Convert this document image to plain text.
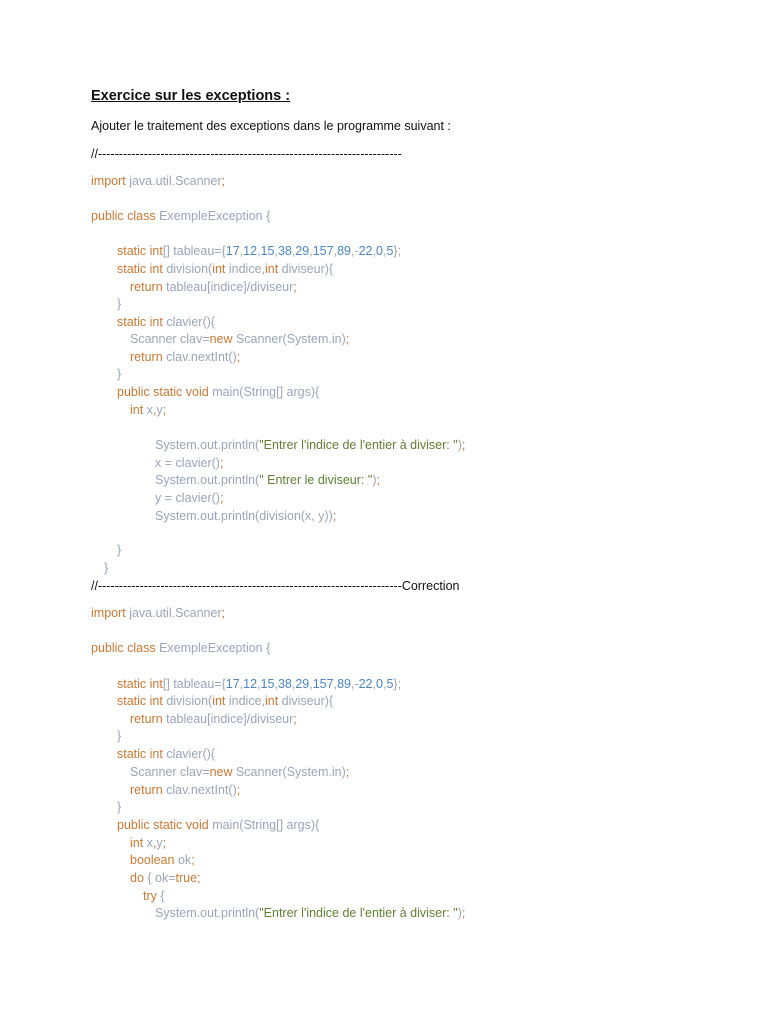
Exercice sur les exceptions :
Ajouter le traitement des exceptions dans le programme suivant :
//-------------------------------------------------------------------------
import java.util.Scanner;
public class ExempleException {
static int[] tableau={17,12,15,38,29,157,89,-22,0,5};
static int division(int indice,int diviseur){
return tableau[indice]/diviseur;
}
static int clavier(){
Scanner clav=new Scanner(System.in);
return clav.nextInt();
}
public static void main(String[] args){
int x,y;
System.out.println("Entrer l'indice de l'entier à diviser: ");
x = clavier();
System.out.println(" Entrer le diviseur: ");
y = clavier();
System.out.println(division(x, y));
}
}
//-------------------------------------------------------------------------Correction
import java.util.Scanner;
public class ExempleException {
static int[] tableau={17,12,15,38,29,157,89,-22,0,5};
static int division(int indice,int diviseur){
return tableau[indice]/diviseur;
}
static int clavier(){
Scanner clav=new Scanner(System.in);
return clav.nextInt();
}
public static void main(String[] args){
int x,y;
boolean ok;
do { ok=true;
try {
System.out.println("Entrer l'indice de l'entier à diviser: ");
